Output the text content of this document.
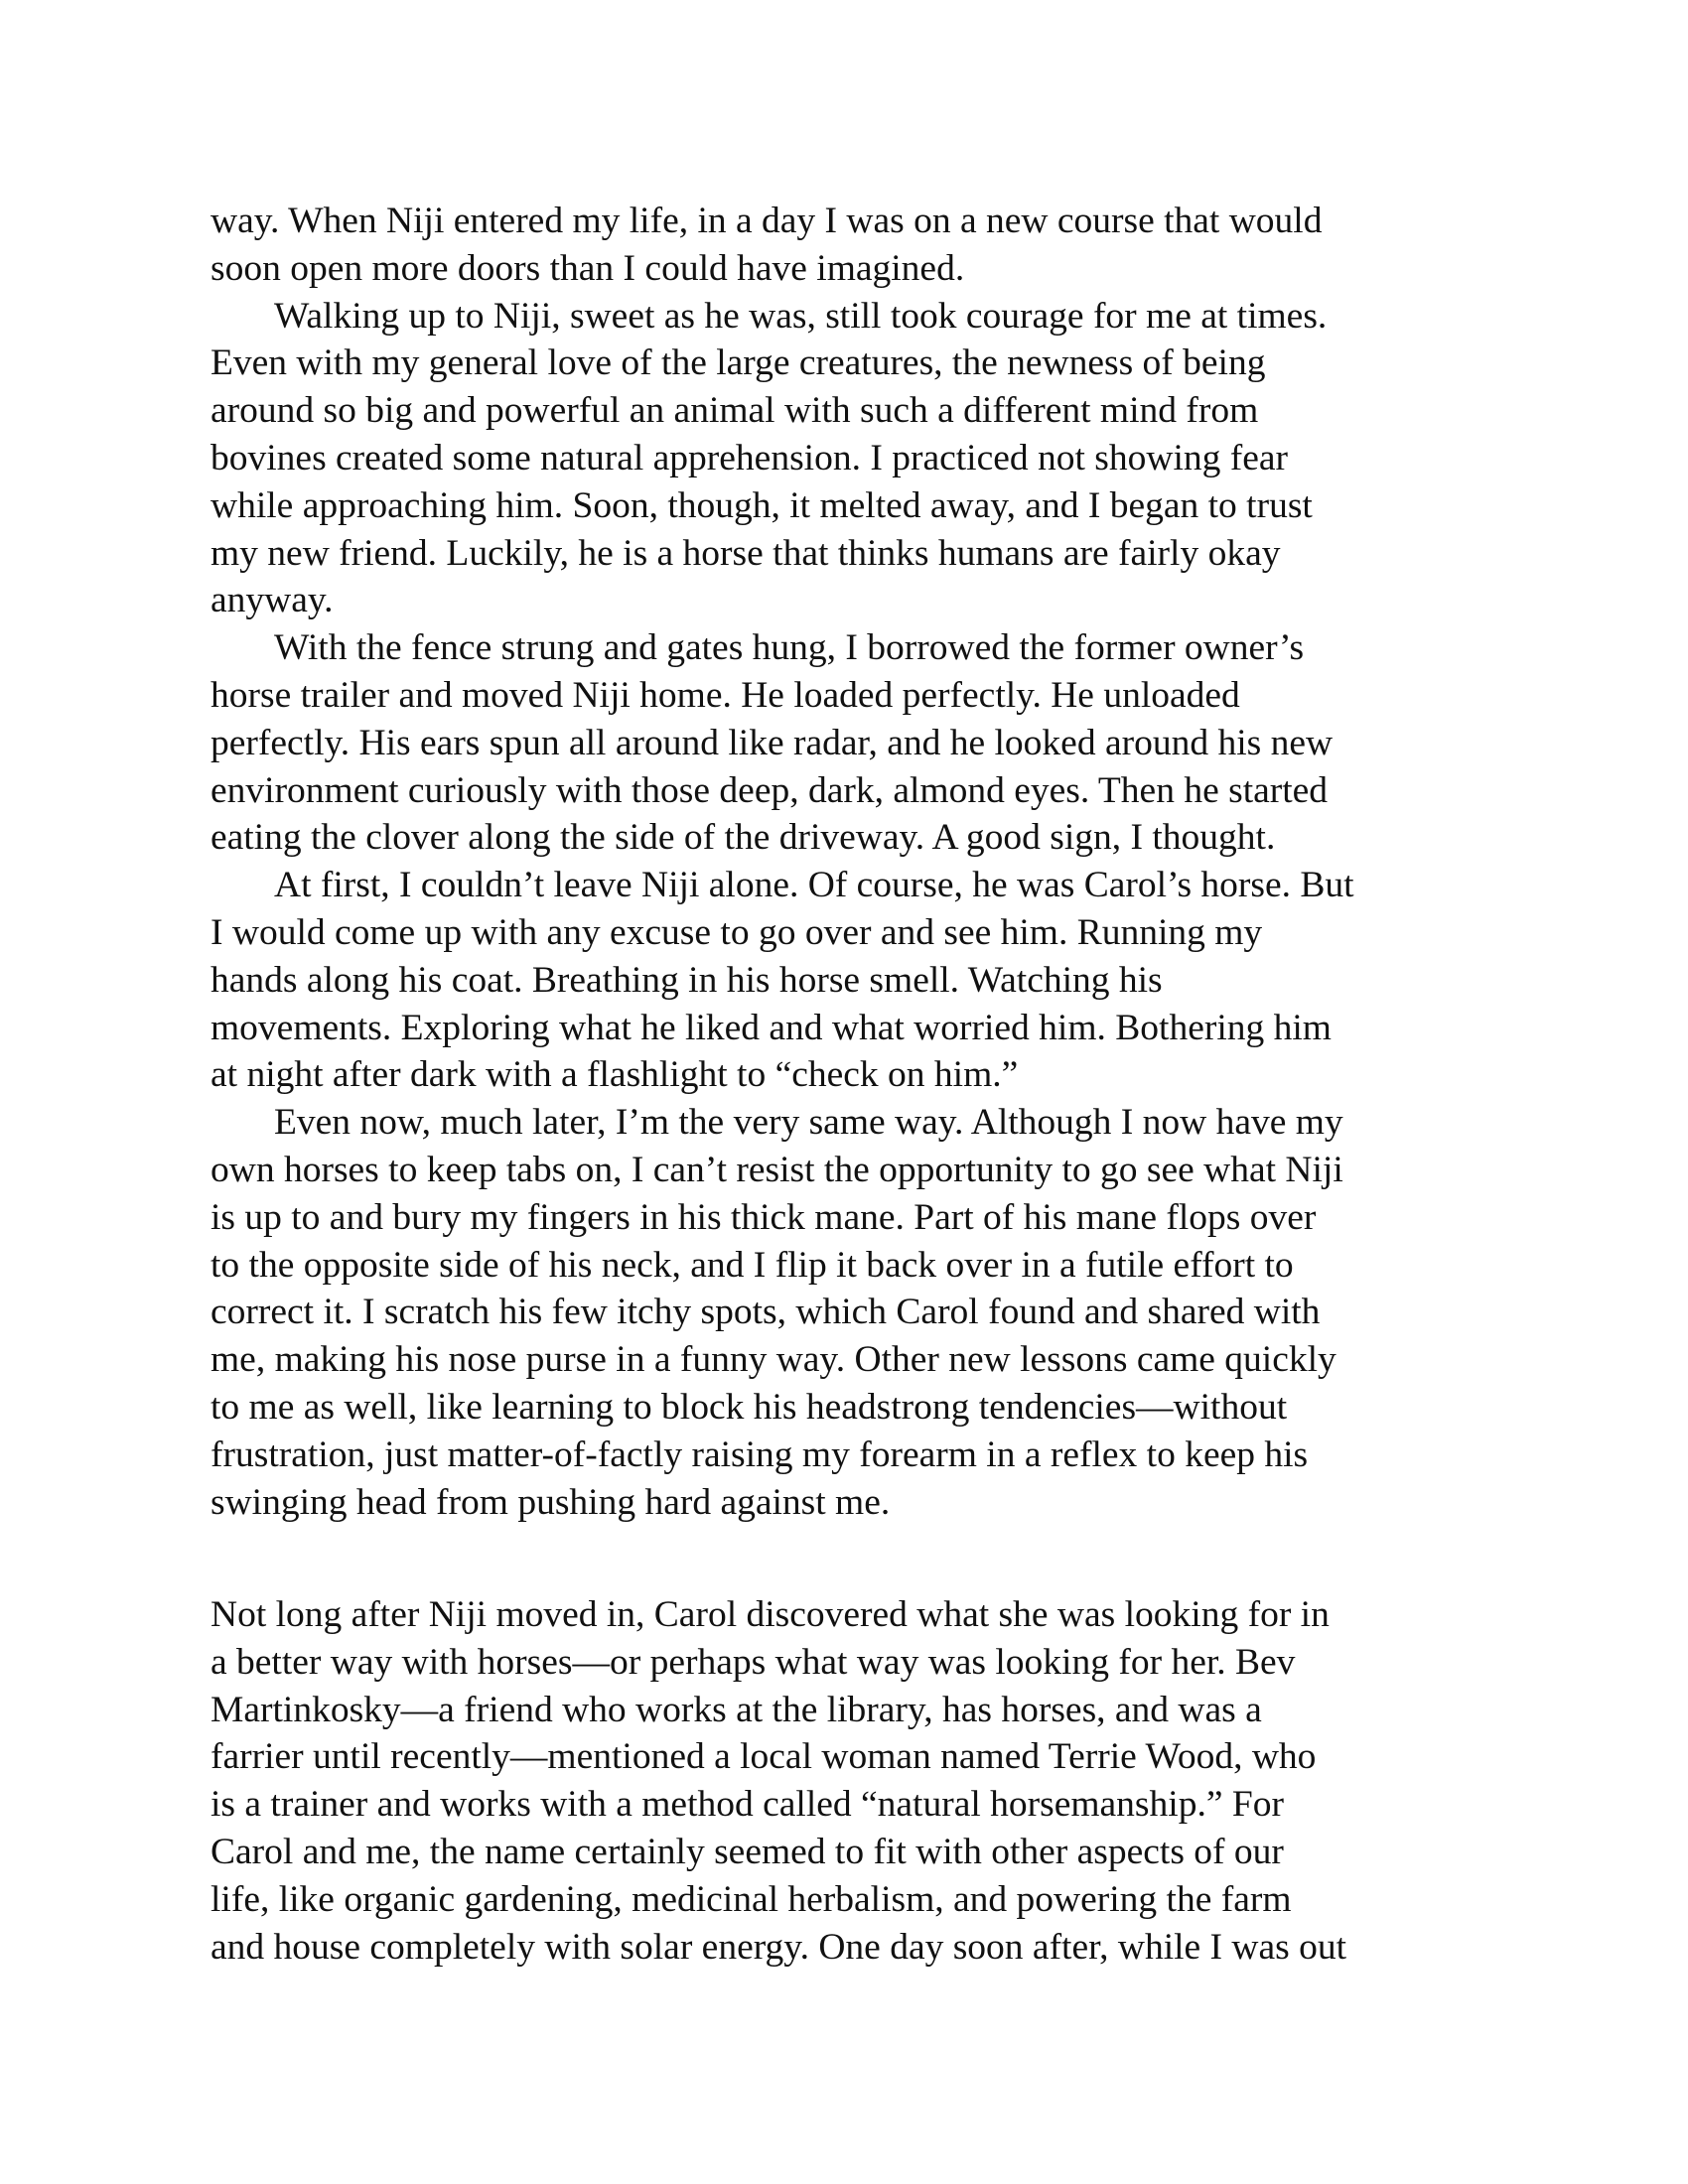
way. When Niji entered my life, in a day I was on a new course that would
soon open more doors than I could have imagined.

Walking up to Niji, sweet as he was, still took courage for me at times.
Even with my general love of the large creatures, the newness of being
around so big and powerful an animal with such a different mind from
bovines created some natural apprehension. I practiced not showing fear
while approaching him. Soon, though, it melted away, and I began to trust
my new friend. Luckily, he is a horse that thinks humans are fairly okay
anyway.

With the fence strung and gates hung, I borrowed the former owner’s
horse trailer and moved Niji home. He loaded perfectly. He unloaded
perfectly. His ears spun all around like radar, and he looked around his new
environment curiously with those deep, dark, almond eyes. Then he started
eating the clover along the side of the driveway. A good sign, I thought.

At first, I couldn’t leave Niji alone. Of course, he was Carol’s horse. But
I would come up with any excuse to go over and see him. Running my
hands along his coat. Breathing in his horse smell. Watching his
movements. Exploring what he liked and what worried him. Bothering him
at night after dark with a flashlight to “check on him.”

Even now, much later, I’m the very same way. Although I now have my
own horses to keep tabs on, I can’t resist the opportunity to go see what Niji
is up to and bury my fingers in his thick mane. Part of his mane flops over
to the opposite side of his neck, and I flip it back over in a futile effort to
correct it. I scratch his few itchy spots, which Carol found and shared with
me, making his nose purse in a funny way. Other new lessons came quickly
to me as well, like learning to block his headstrong tendencies—without
frustration, just matter-of-factly raising my forearm in a reflex to keep his
swinging head from pushing hard against me.

Not long after Niji moved in, Carol discovered what she was looking for in
a better way with horses—or perhaps what way was looking for her. Bev
Martinkosky—a friend who works at the library, has horses, and was a
farrier until recently—mentioned a local woman named Terrie Wood, who
is a trainer and works with a method called “natural horsemanship.” For
Carol and me, the name certainly seemed to fit with other aspects of our
life, like organic gardening, medicinal herbalism, and powering the farm
and house completely with solar energy. One day soon after, while I was out
